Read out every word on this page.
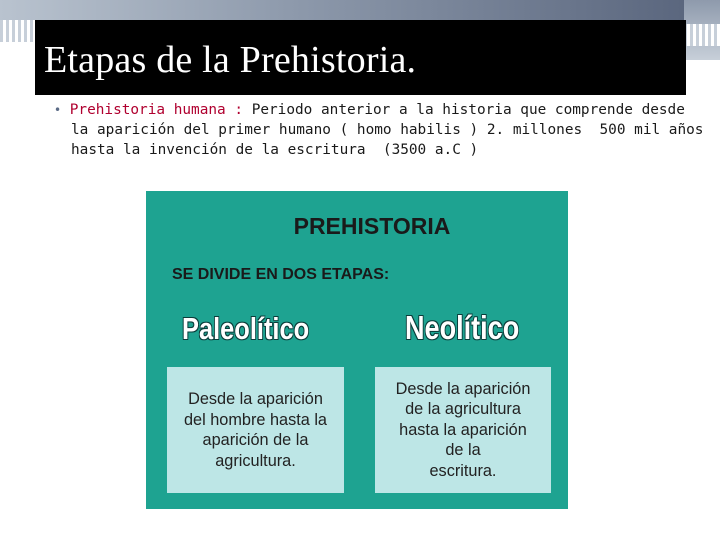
Etapas de la Prehistoria.
• Prehistoria humana : Periodo anterior a la historia que comprende desde
la aparición del primer humano ( homo habilis ) 2. millones  500 mil años
hasta la invención de la escritura  (3500 a.C )
PREHISTORIA

SE DIVIDE EN DOS ETAPAS:

Paleolítico	Neolítico

Desde la aparición
del hombre hasta la
aparición de la
agricultura.

Desde la aparición
de la agricultura
hasta la aparición
de la
escritura.
